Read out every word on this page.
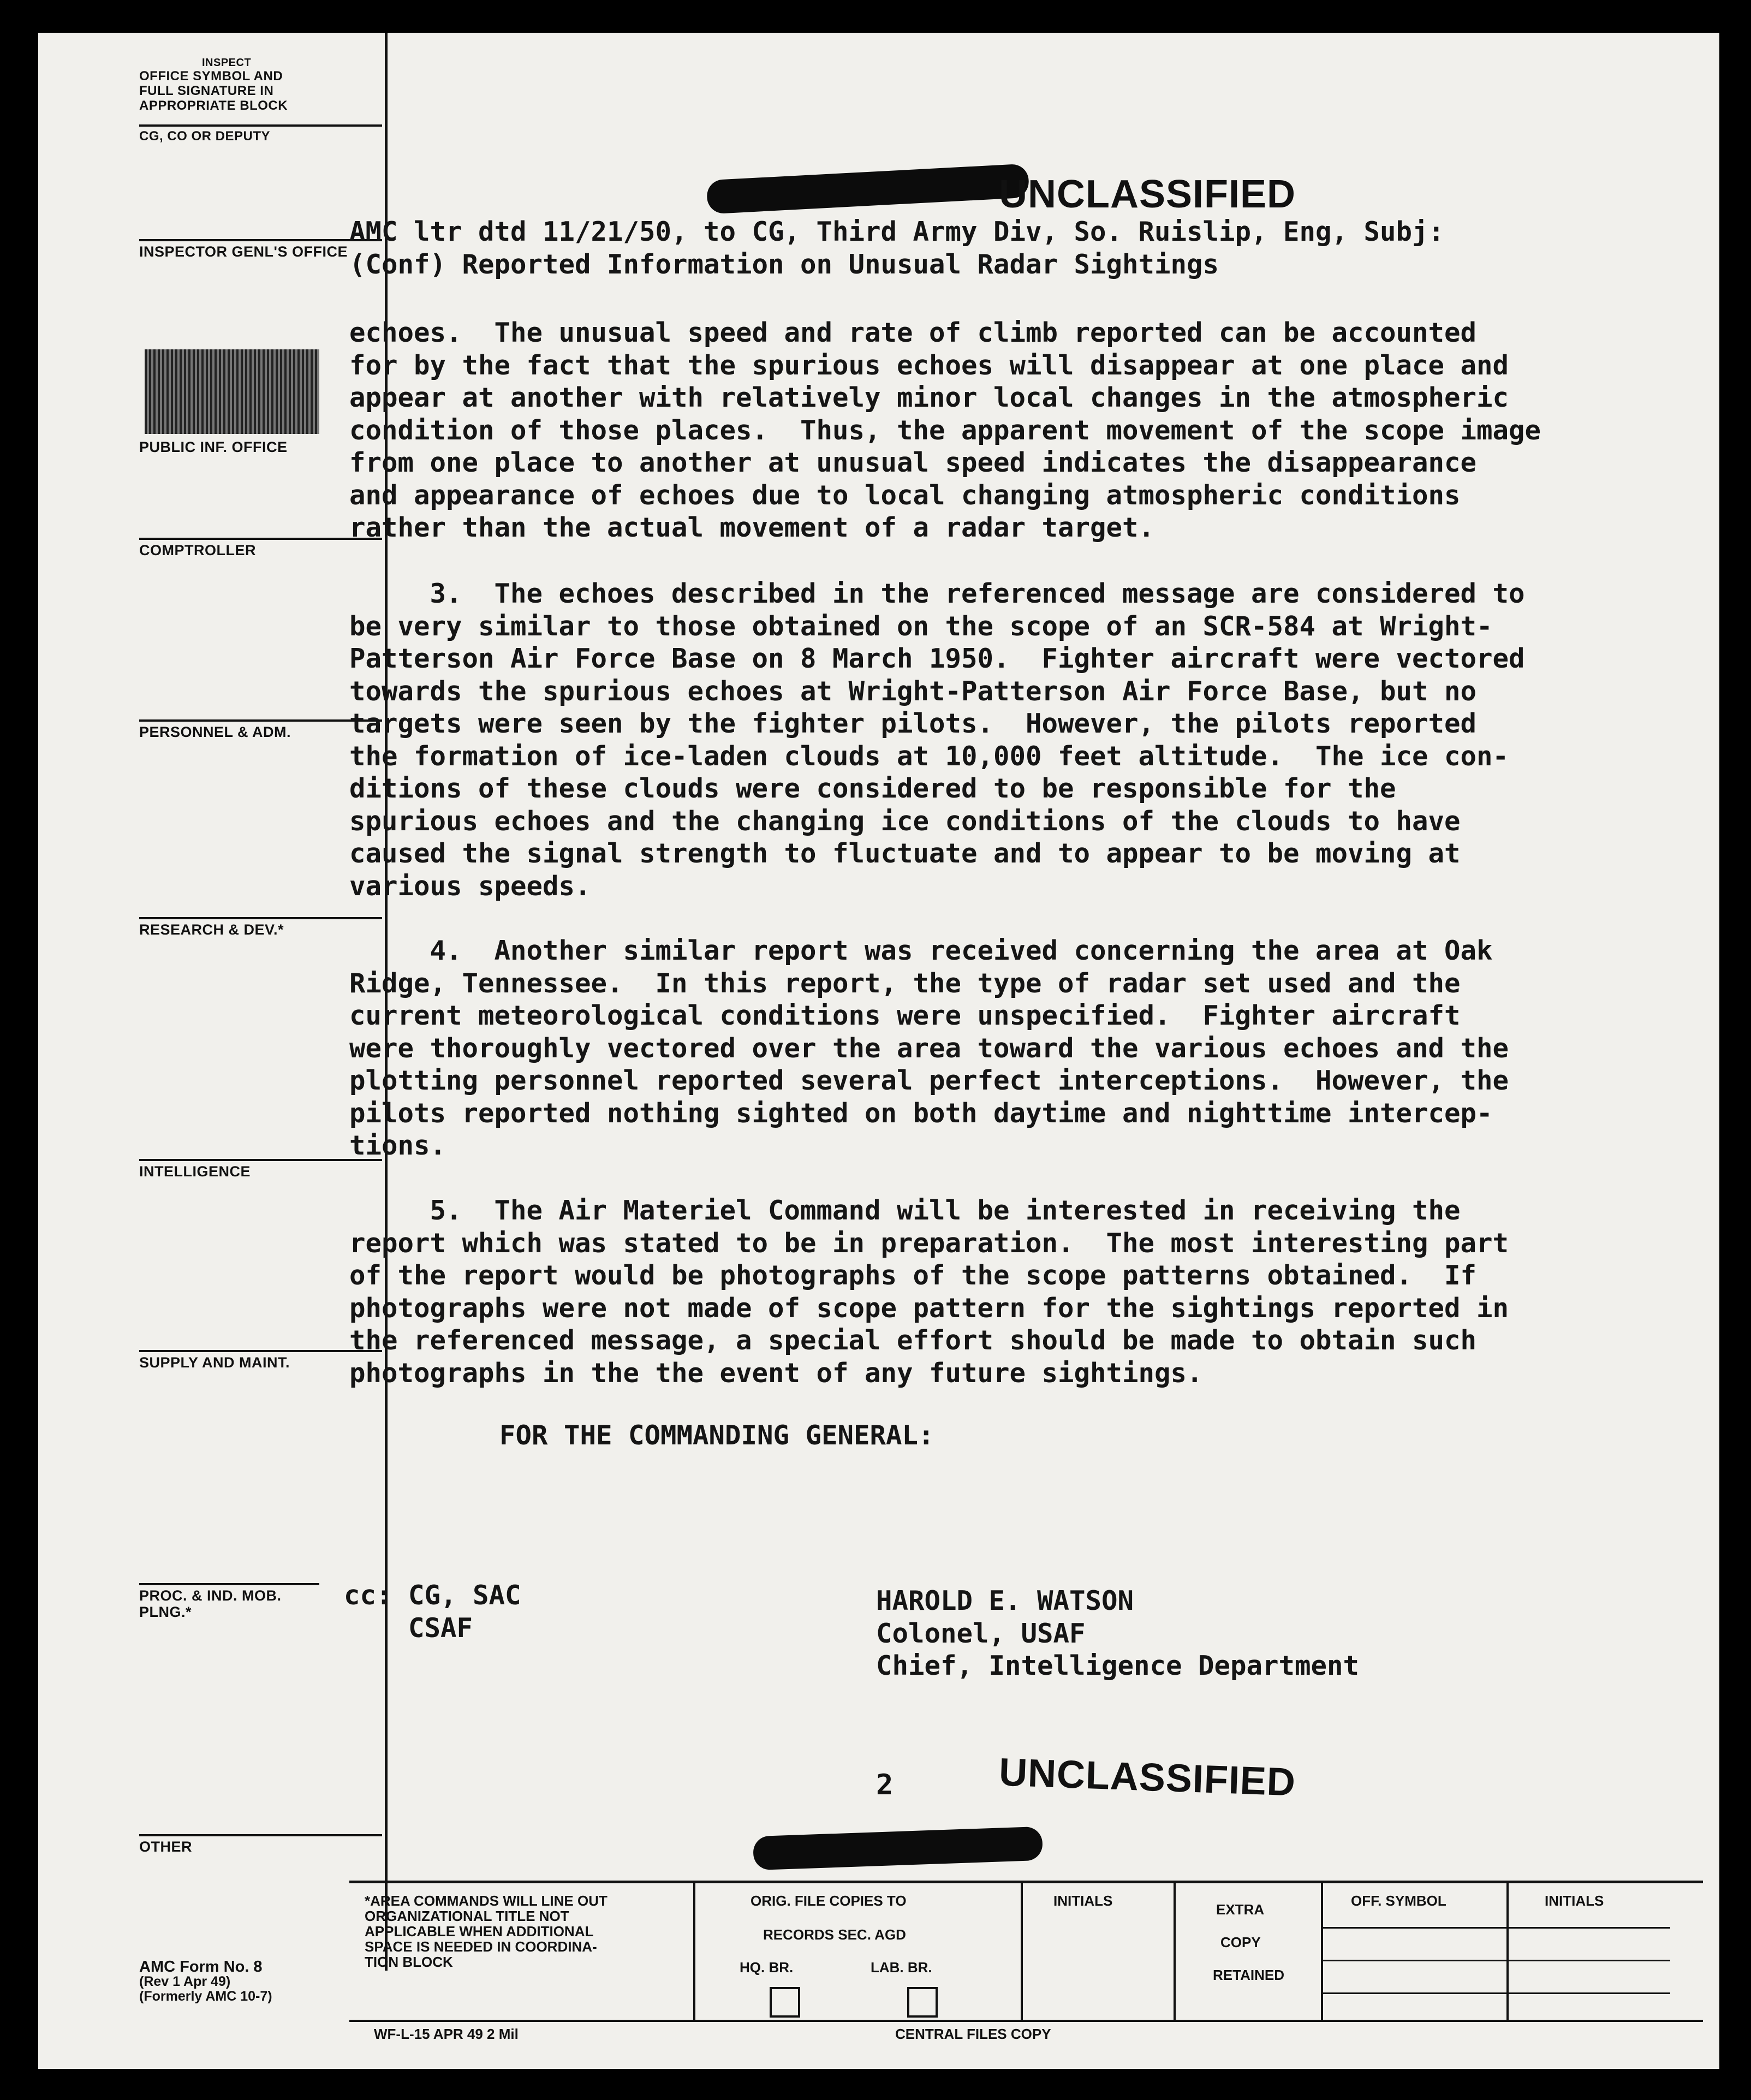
INSPECT
OFFICE SYMBOL AND
FULL SIGNATURE IN
APPROPRIATE BLOCK
CG, CO OR DEPUTY
INSPECTOR GENL'S OFFICE
PUBLIC INF. OFFICE
COMPTROLLER
PERSONNEL & ADM.
RESEARCH & DEV.*
INTELLIGENCE
SUPPLY AND MAINT.
PROC. & IND. MOB. PLNG.*
OTHER
AMC Form No. 8
(Rev 1 Apr 49)
(Formerly AMC 10-7)
UNCLASSIFIED
AMC ltr dtd 11/21/50, to CG, Third Army Div, So. Ruislip, Eng, Subj:
(Conf) Reported Information on Unusual Radar Sightings
echoes.  The unusual speed and rate of climb reported can be accounted
for by the fact that the spurious echoes will disappear at one place and
appear at another with relatively minor local changes in the atmospheric
condition of those places.  Thus, the apparent movement of the scope image
from one place to another at unusual speed indicates the disappearance
and appearance of echoes due to local changing atmospheric conditions
rather than the actual movement of a radar target.
3.  The echoes described in the referenced message are considered to
be very similar to those obtained on the scope of an SCR-584 at Wright-
Patterson Air Force Base on 8 March 1950.  Fighter aircraft were vectored
towards the spurious echoes at Wright-Patterson Air Force Base, but no
targets were seen by the fighter pilots.  However, the pilots reported
the formation of ice-laden clouds at 10,000 feet altitude.  The ice con-
ditions of these clouds were considered to be responsible for the
spurious echoes and the changing ice conditions of the clouds to have
caused the signal strength to fluctuate and to appear to be moving at
various speeds.
4.  Another similar report was received concerning the area at Oak
Ridge, Tennessee.  In this report, the type of radar set used and the
current meteorological conditions were unspecified.  Fighter aircraft
were thoroughly vectored over the area toward the various echoes and the
plotting personnel reported several perfect interceptions.  However, the
pilots reported nothing sighted on both daytime and nighttime intercep-
tions.
5.  The Air Materiel Command will be interested in receiving the
report which was stated to be in preparation.  The most interesting part
of the report would be photographs of the scope patterns obtained.  If
photographs were not made of scope pattern for the sightings reported in
the referenced message, a special effort should be made to obtain such
photographs in the the event of any future sightings.
FOR THE COMMANDING GENERAL:
cc: CG, SAC
CSAF
HAROLD E. WATSON
Colonel, USAF
Chief, Intelligence Department
2	UNCLASSIFIED
*AREA COMMANDS WILL LINE OUT
ORGANIZATIONAL TITLE NOT
APPLICABLE WHEN ADDITIONAL
SPACE IS NEEDED IN COORDINA-
TION BLOCK
ORIG. FILE COPIES TO
RECORDS SEC. AGD
HQ. BR.	LAB. BR.
INITIALS
EXTRA
COPY
RETAINED
OFF. SYMBOL	INITIALS
WF-L-15 APR 49 2 Mil	CENTRAL FILES COPY
